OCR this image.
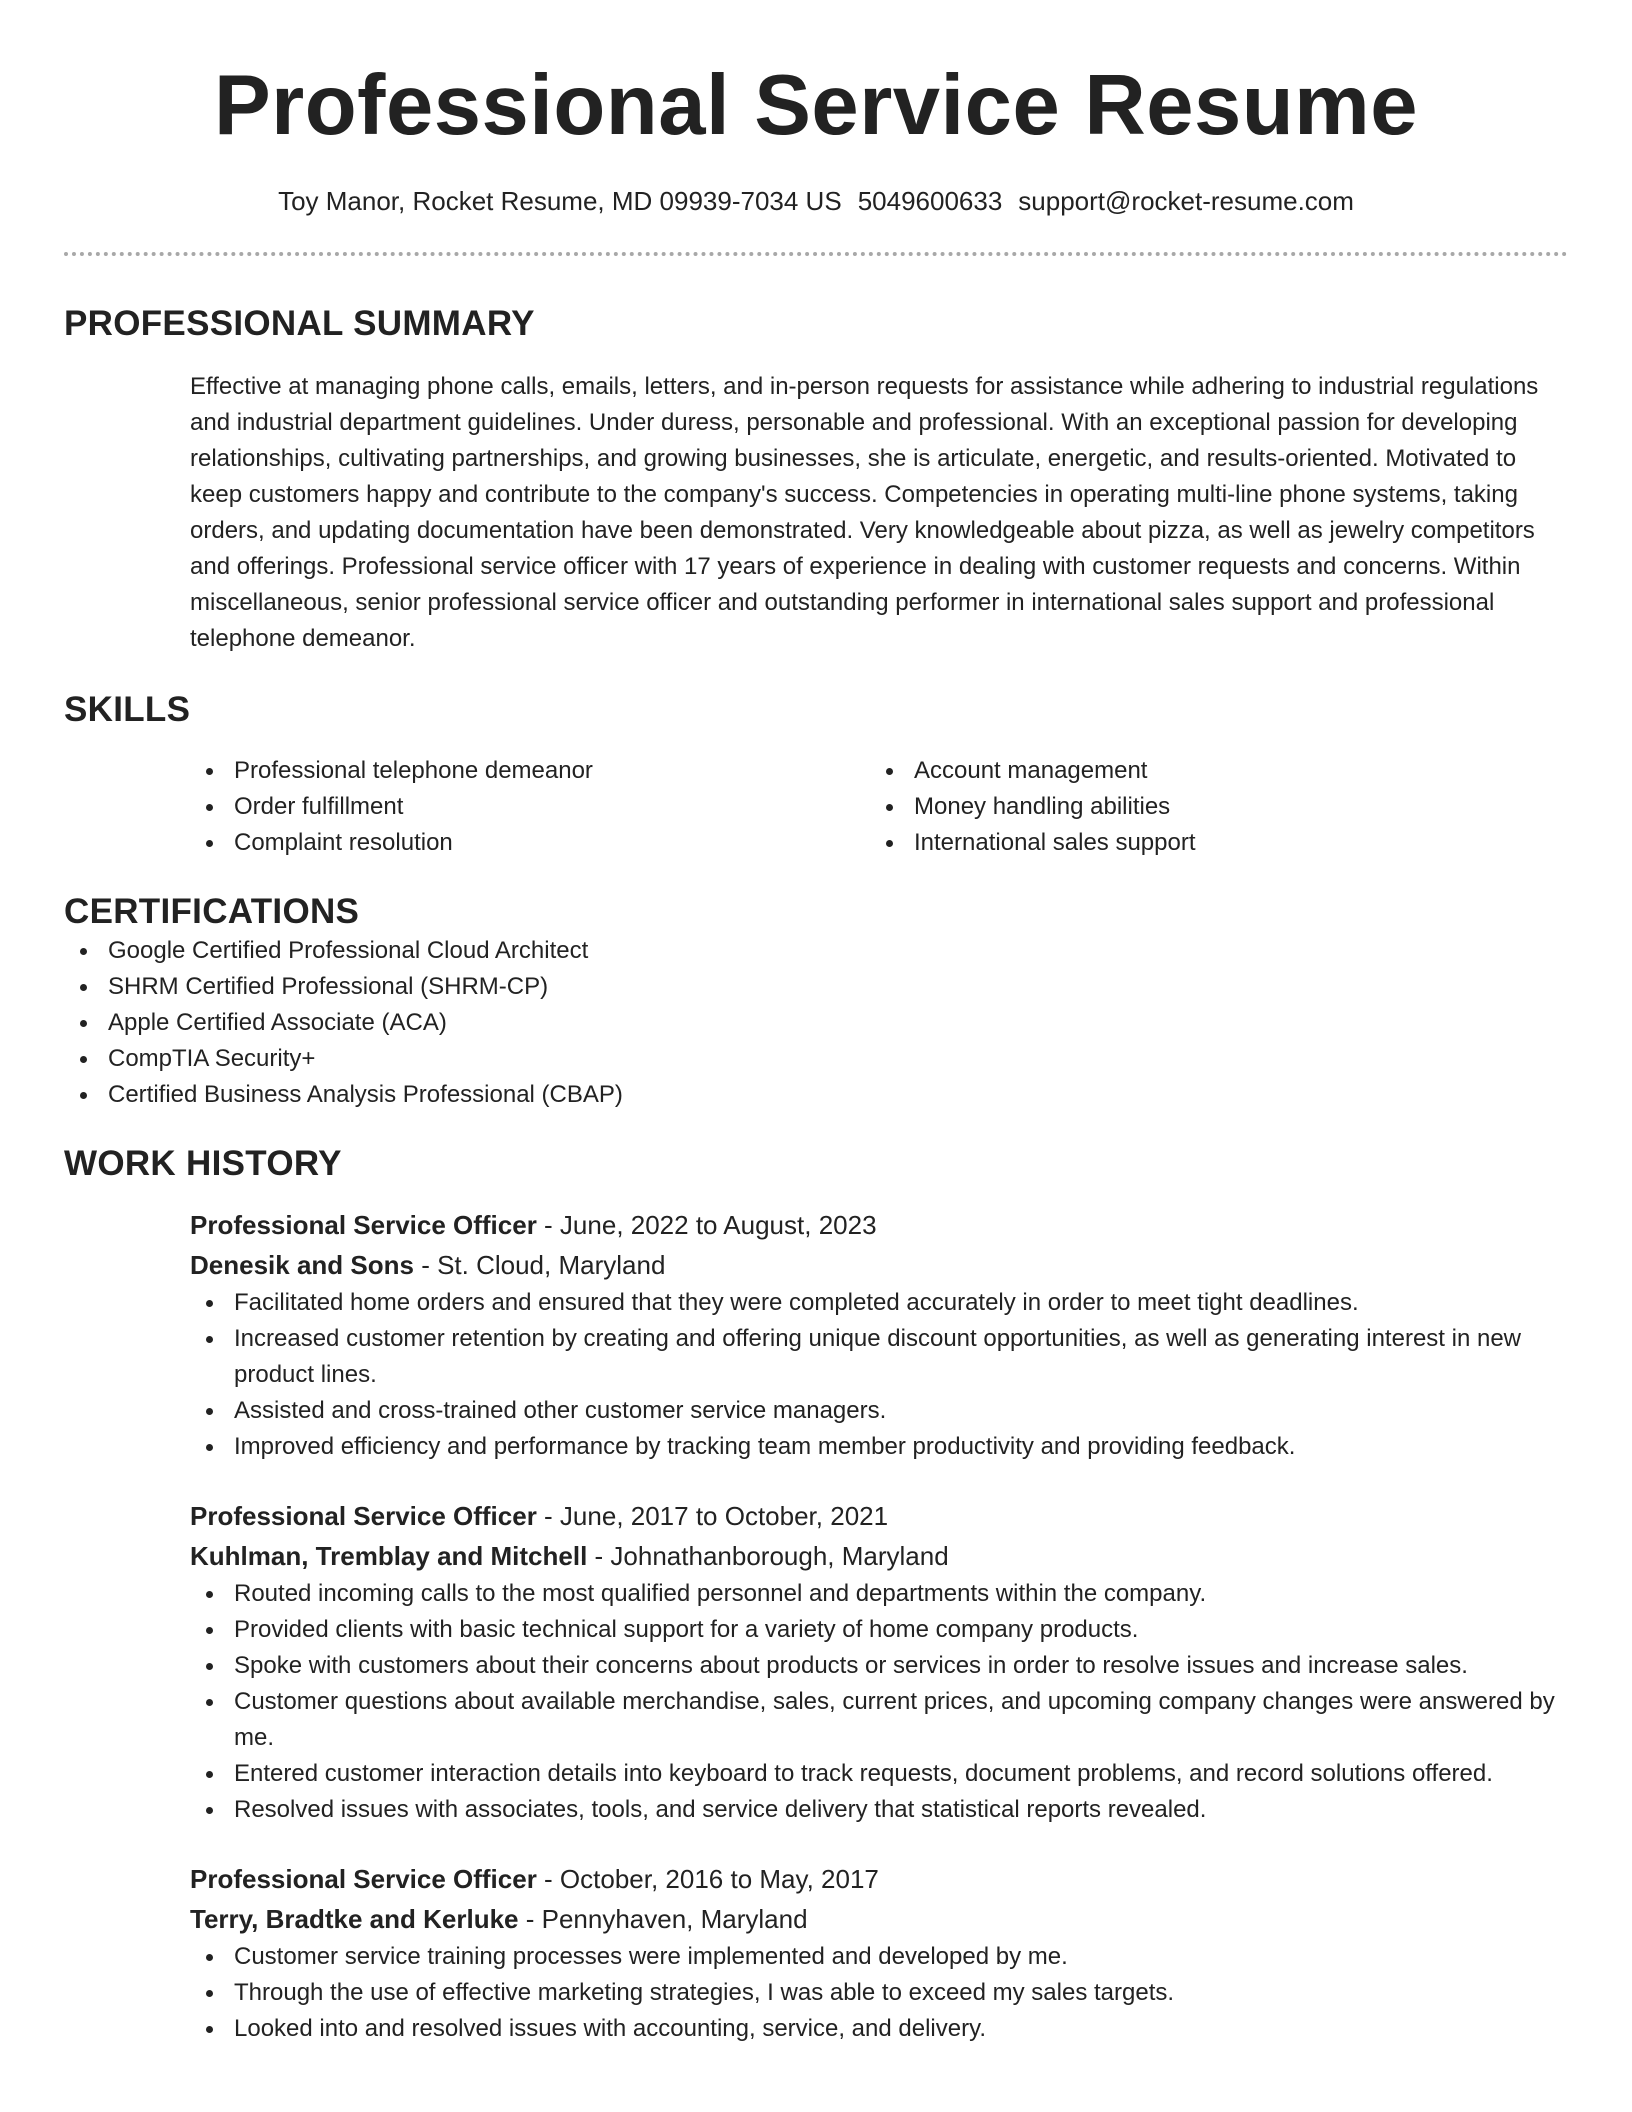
Professional Service Resume
Toy Manor, Rocket Resume, MD 09939-7034 US 5049600633 support@rocket-resume.com
PROFESSIONAL SUMMARY

Effective at managing phone calls, emails, letters, and in-person requests for assistance while adhering to industrial regulations and industrial department guidelines. Under duress, personable and professional. With an exceptional passion for developing relationships, cultivating partnerships, and growing businesses, she is articulate, energetic, and results-oriented. Motivated to keep customers happy and contribute to the company's success. Competencies in operating multi-line phone systems, taking orders, and updating documentation have been demonstrated. Very knowledgeable about pizza, as well as jewelry competitors and offerings. Professional service officer with 17 years of experience in dealing with customer requests and concerns. Within miscellaneous, senior professional service officer and outstanding performer in international sales support and professional telephone demeanor.

SKILLS
Professional telephone demeanor
Order fulfillment
Complaint resolution
Account management
Money handling abilities
International sales support
CERTIFICATIONS
Google Certified Professional Cloud Architect
SHRM Certified Professional (SHRM-CP)
Apple Certified Associate (ACA)
CompTIA Security+
Certified Business Analysis Professional (CBAP)
WORK HISTORY
Professional Service Officer - June, 2022 to August, 2023
Denesik and Sons - St. Cloud, Maryland
Facilitated home orders and ensured that they were completed accurately in order to meet tight deadlines.
Increased customer retention by creating and offering unique discount opportunities, as well as generating interest in new product lines.
Assisted and cross-trained other customer service managers.
Improved efficiency and performance by tracking team member productivity and providing feedback.
Professional Service Officer - June, 2017 to October, 2021
Kuhlman, Tremblay and Mitchell - Johnathanborough, Maryland
Routed incoming calls to the most qualified personnel and departments within the company.
Provided clients with basic technical support for a variety of home company products.
Spoke with customers about their concerns about products or services in order to resolve issues and increase sales.
Customer questions about available merchandise, sales, current prices, and upcoming company changes were answered by me.
Entered customer interaction details into keyboard to track requests, document problems, and record solutions offered.
Resolved issues with associates, tools, and service delivery that statistical reports revealed.
Professional Service Officer - October, 2016 to May, 2017
Terry, Bradtke and Kerluke - Pennyhaven, Maryland
Customer service training processes were implemented and developed by me.
Through the use of effective marketing strategies, I was able to exceed my sales targets.
Looked into and resolved issues with accounting, service, and delivery.
